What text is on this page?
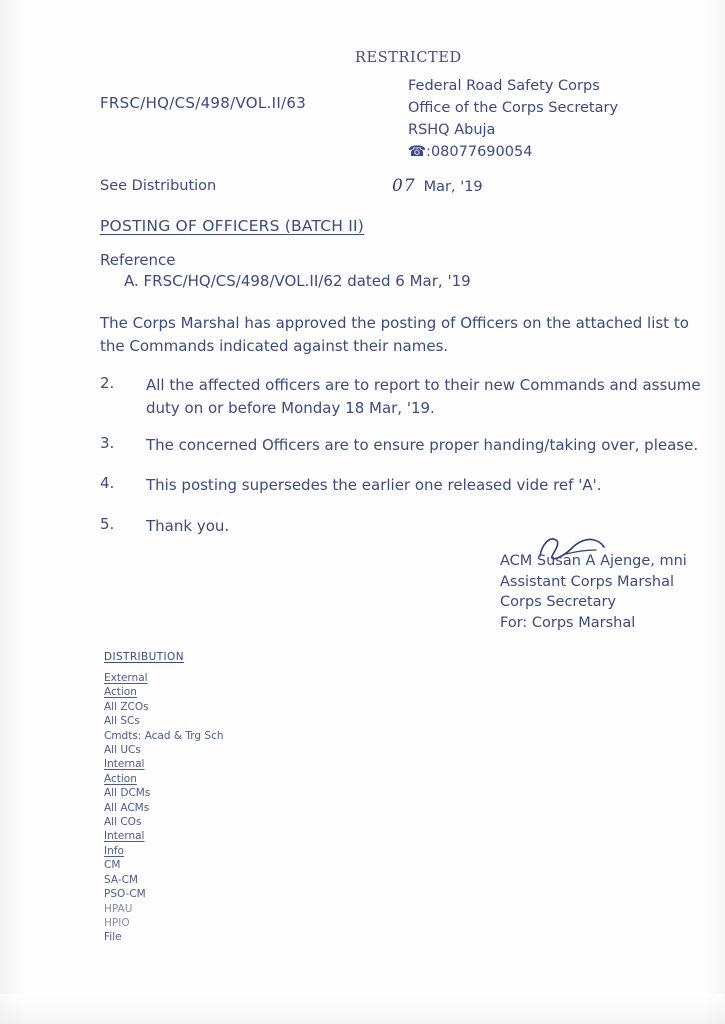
RESTRICTED
FRSC/HQ/CS/498/VOL.II/63
Federal Road Safety Corps
Office of the Corps Secretary
RSHQ Abuja
☎:08077690054
See Distribution	07 Mar, '19
POSTING OF OFFICERS (BATCH II)
Reference
A. FRSC/HQ/CS/498/VOL.II/62 dated 6 Mar, '19
The Corps Marshal has approved the posting of Officers on the attached list to the Commands indicated against their names.
2. All the affected officers are to report to their new Commands and assume duty on or before Monday 18 Mar, '19.
3. The concerned Officers are to ensure proper handing/taking over, please.
4. This posting supersedes the earlier one released vide ref 'A'.
5. Thank you.
ACM Susan A Ajenge, mni
Assistant Corps Marshal
Corps Secretary
For: Corps Marshal
DISTRIBUTION
External
Action
All ZCOs
All SCs
Cmdts: Acad & Trg Sch
All UCs
Internal
Action
All DCMs
All ACMs
All COs
Internal
Info
CM
SA-CM
PSO-CM
HPAU
HPIO
File
